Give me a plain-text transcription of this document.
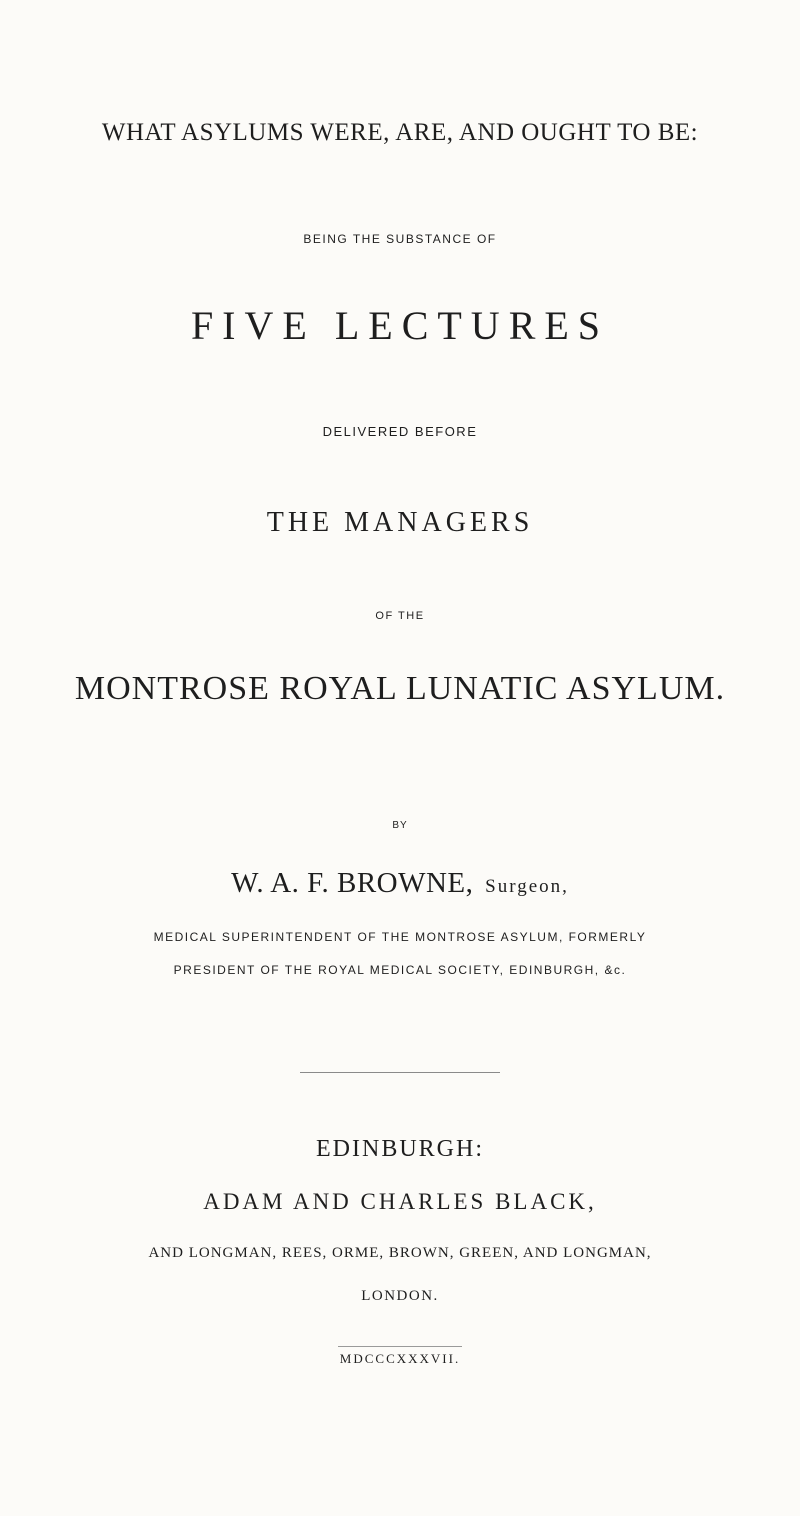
WHAT ASYLUMS WERE, ARE, AND OUGHT TO BE:
BEING THE SUBSTANCE OF
FIVE LECTURES
DELIVERED BEFORE
THE MANAGERS
OF THE
MONTROSE ROYAL LUNATIC ASYLUM.
BY
W. A. F. BROWNE, Surgeon,
MEDICAL SUPERINTENDENT OF THE MONTROSE ASYLUM, FORMERLY
PRESIDENT OF THE ROYAL MEDICAL SOCIETY, EDINBURGH, &c.
EDINBURGH:
ADAM AND CHARLES BLACK,
AND LONGMAN, REES, ORME, BROWN, GREEN, AND LONGMAN,
LONDON.
MDCCCXXXVII.
